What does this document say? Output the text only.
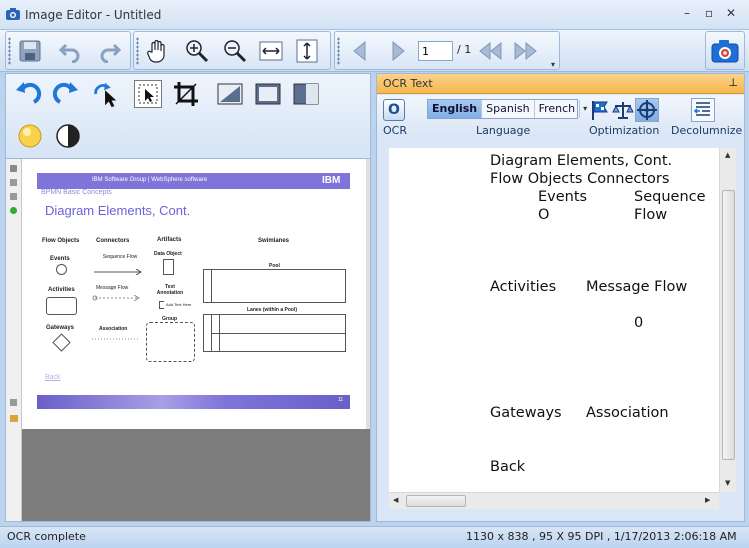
Image Editor - Untitled	–	▫	✕
1
/ 1
▾
IBM Software Group | WebSphere software	IBM
BPMN Basic Concepts
Diagram Elements, Cont.
Flow Objects	Connectors	Artifacts	Swimlanes
Events
Activities
Gateways
Sequence Flow
Message Flow
Association
Data Object
Text Annotation
Add Text Here
Group
Pool
Lanes (within a Pool)
Back
11
OCR Text	⊥
O
OCR
English Spanish French	▾
Language	Optimization Decolumnize
Diagram Elements, Cont.
Flow Objects Connectors
Events	Sequence
O	Flow
Activities Message Flow
0
Gateways Association
Back
▲
▼
◀	▶
OCR complete	1130 x 838 , 95 X 95 DPI , 1/17/2013 2:06:18 AM
